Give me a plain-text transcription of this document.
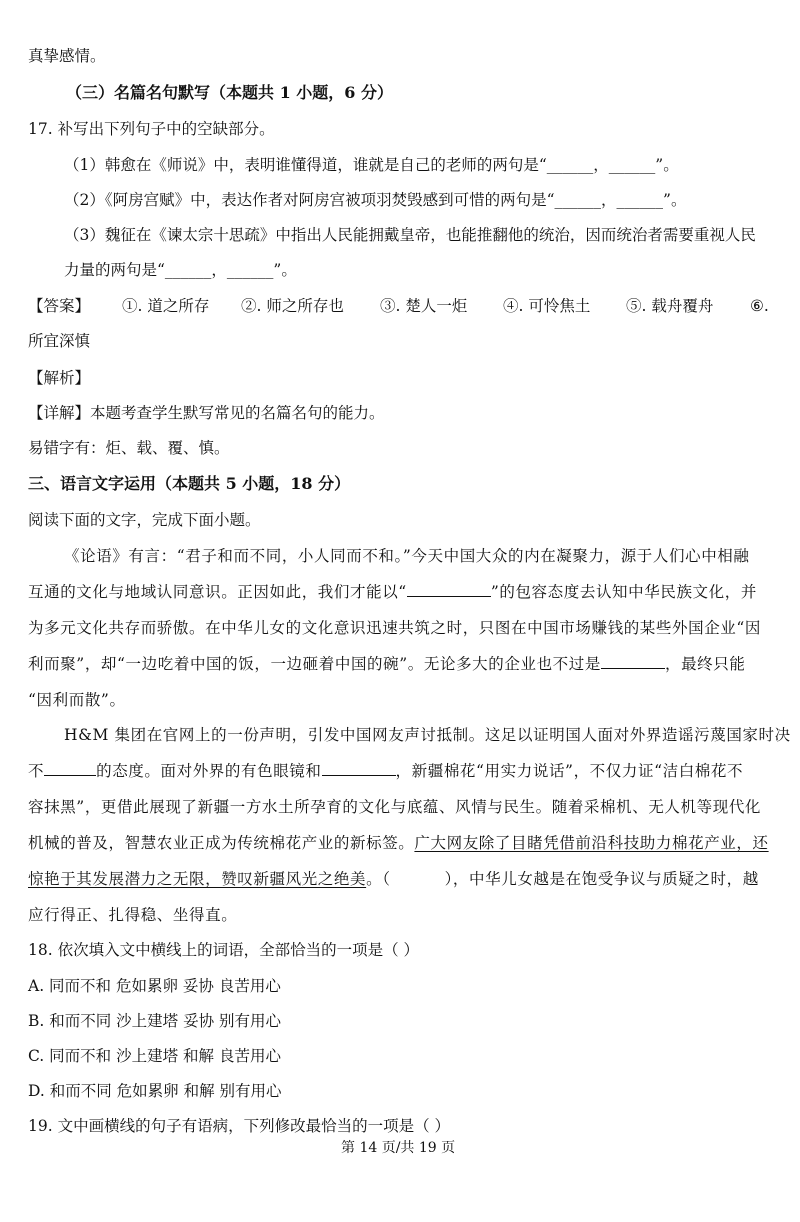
真挚感情。
（三）名篇名句默写（本题共 1 小题，6 分）
17. 补写出下列句子中的空缺部分。
（1）韩愈在《师说》中，表明谁懂得道，谁就是自己的老师的两句是“______，______”。
（2）《阿房宫赋》中，表达作者对阿房宫被项羽焚毁感到可惜的两句是“______，______”。
（3）魏征在《谏太宗十思疏》中指出人民能拥戴皇帝，也能推翻他的统治，因而统治者需要重视人民
力量的两句是“______，______”。
【答案】 ①. 道之所存 ②. 师之所存也 ③. 楚人一炬 ④. 可怜焦土 ⑤. 载舟覆舟 ⑥.
所宜深慎
【解析】
【详解】本题考查学生默写常见的名篇名句的能力。
易错字有：炬、载、覆、慎。
三、语言文字运用（本题共 5 小题，18 分）
阅读下面的文字，完成下面小题。
《论语》有言：“君子和而不同，小人同而不和。”今天中国大众的内在凝聚力，源于人们心中相融
互通的文化与地域认同意识。正因如此，我们才能以“	”的包容态度去认知中华民族文化，并
为多元文化共存而骄傲。在中华儿女的文化意识迅速共筑之时，只图在中国市场赚钱的某些外国企业“因
利而聚”，却“一边吃着中国的饭，一边砸着中国的碗”。无论多大的企业也不过是	，最终只能
“因利而散”。
H&M 集团在官网上的一份声明，引发中国网友声讨抵制。这足以证明国人面对外界造谣污蔑国家时决
不	的态度。面对外界的有色眼镜和	，新疆棉花“用实力说话”，不仅力证“洁白棉花不
容抹黑”，更借此展现了新疆一方水土所孕育的文化与底蕴、风情与民生。随着采棉机、无人机等现代化
机械的普及，智慧农业正成为传统棉花产业的新标签。广大网友除了目睹凭借前沿科技助力棉花产业，还
惊艳于其发展潜力之无限，赞叹新疆风光之绝美。（	），中华儿女越是在饱受争议与质疑之时，越
应行得正、扎得稳、坐得直。
18. 依次填入文中横线上的词语，全部恰当的一项是（ ）
A. 同而不和 危如累卵 妥协 良苦用心
B. 和而不同 沙上建塔 妥协 别有用心
C. 同而不和 沙上建塔 和解 良苦用心
D. 和而不同 危如累卵 和解 别有用心
19. 文中画横线的句子有语病，下列修改最恰当的一项是（ ）
第 14 页/共 19 页
